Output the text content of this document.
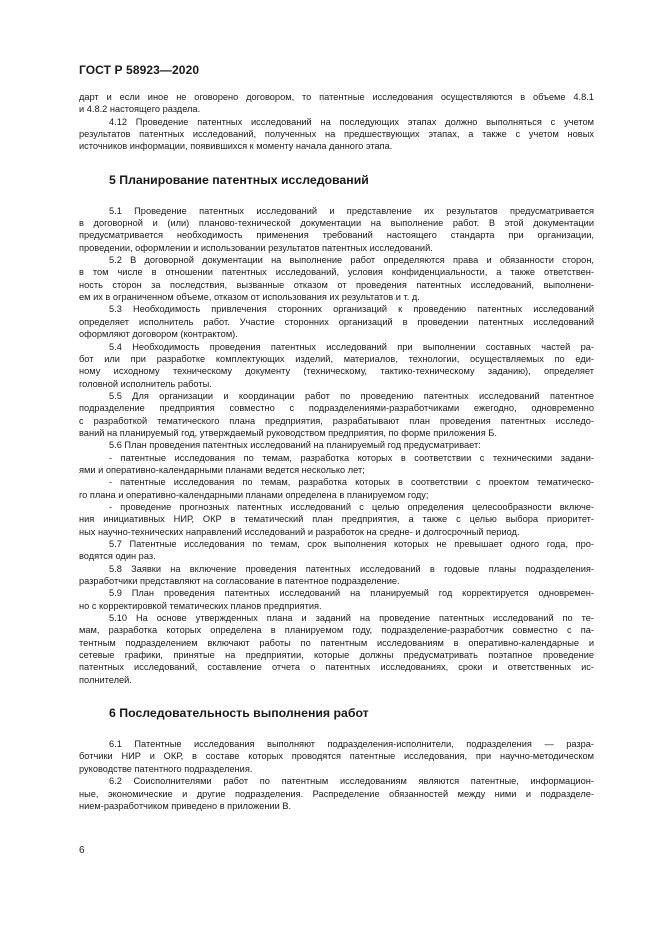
ГОСТ Р 58923—2020
дарт и если иное не оговорено договором, то патентные исследования осуществляются в объеме 4.8.1
и 4.8.2 настоящего раздела.
4.12 Проведение патентных исследований на последующих этапах должно выполняться с учетом
результатов патентных исследований, полученных на предшествующих этапах, а также с учетом новых
источников информации, появившихся к моменту начала данного этапа.
5 Планирование патентных исследований
5.1 Проведение патентных исследований и представление их результатов предусматривается
в договорной и (или) планово-технической документации на выполнение работ. В этой документации
предусматривается необходимость применения требований настоящего стандарта при организации,
проведении, оформлении и использовании результатов патентных исследований.
5.2 В договорной документации на выполнение работ определяются права и обязанности сторон,
в том числе в отношении патентных исследований, условия конфиденциальности, а также ответствен-
ность сторон за последствия, вызванные отказом от проведения патентных исследований, выполнени-
ем их в ограниченном объеме, отказом от использования их результатов и т. д.
5.3 Необходимость привлечения сторонних организаций к проведению патентных исследований
определяет исполнитель работ. Участие сторонних организаций в проведении патентных исследований
оформляют договором (контрактом).
5.4 Необходимость проведения патентных исследований при выполнении составных частей ра-
бот или при разработке комплектующих изделий, материалов, технологии, осуществляемых по еди-
ному исходному техническому документу (техническому, тактико-техническому заданию), определяет
головной исполнитель работы.
5.5 Для организации и координации работ по проведению патентных исследований патентное
подразделение предприятия совместно с подразделениями-разработчиками ежегодно, одновременно
с разработкой тематического плана предприятия, разрабатывают план проведения патентных исследо-
ваний на планируемый год, утверждаемый руководством предприятия, по форме приложения Б.
5.6 План проведения патентных исследований на планируемый год предусматривает:
- патентные исследования по темам, разработка которых в соответствии с техническими задани-
ями и оперативно-календарными планами ведется несколько лет;
- патентные исследования по темам, разработка которых в соответствии с проектом тематическо-
го плана и оперативно-календарными планами определена в планируемом году;
- проведение прогнозных патентных исследований с целью определения целесообразности включе-
ния инициативных НИР, ОКР в тематический план предприятия, а также с целью выбора приоритет-
ных научно-технических направлений исследований и разработок на средне- и долгосрочный период.
5.7 Патентные исследования по темам, срок выполнения которых не превышает одного года, про-
водятся один раз.
5.8 Заявки на включение проведения патентных исследований в годовые планы подразделения-
разработчики представляют на согласование в патентное подразделение.
5.9 План проведения патентных исследований на планируемый год корректируется одновремен-
но с корректировкой тематических планов предприятия.
5.10 На основе утвержденных плана и заданий на проведение патентных исследований по те-
мам, разработка которых определена в планируемом году, подразделение-разработчик совместно с па-
тентным подразделением включают работы по патентным исследованиям в оперативно-календарные и
сетевые графики, принятые на предприятии, которые должны предусматривать поэтапное проведение
патентных исследований, составление отчета о патентных исследованиях, сроки и ответственных ис-
полнителей.
6 Последовательность выполнения работ
6.1 Патентные исследования выполняют подразделения-исполнители, подразделения — разра-
ботчики НИР и ОКР, в составе которых проводятся патентные исследования, при научно-методическом
руководстве патентного подразделения.
6.2 Соисполнителями работ по патентным исследованиям являются патентные, информацион-
ные, экономические и другие подразделения. Распределение обязанностей между ними и подразделе-
нием-разработчиком приведено в приложении В.
6
